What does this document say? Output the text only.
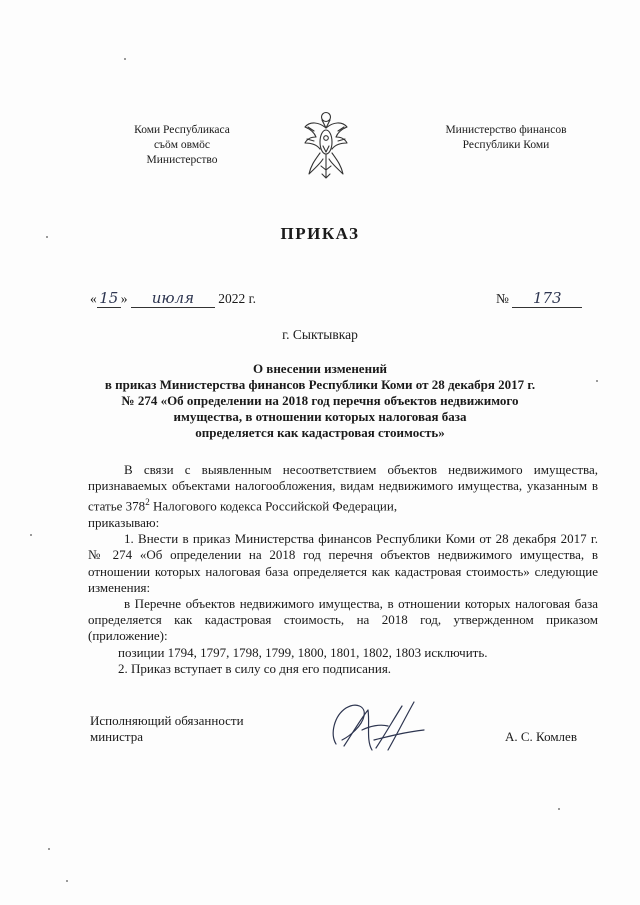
Коми Республикаса
съӧм овмӧс
Министерство
Министерство финансов
Республики Коми
ПРИКАЗ
« 15 » июля 2022 г.	№ 173
г. Сыктывкар
О внесении изменений
в приказ Министерства финансов Республики Коми от 28 декабря 2017 г.
№ 274 «Об определении на 2018 год перечня объектов недвижимого
имущества, в отношении которых налоговая база
определяется как кадастровая стоимость»

В связи с выявленным несоответствием объектов недвижимого имущества, признаваемых объектами налогообложения, видам недвижимого имущества, указанным в статье $378^2$ Налогового кодекса Российской Федерации,

приказываю:

1. Внести в приказ Министерства финансов Республики Коми от 28 декабря 2017 г. № 274 «Об определении на 2018 год перечня объектов недвижимого имущества, в отношении которых налоговая база определяется как кадастровая стоимость» следующие изменения:

в Перечне объектов недвижимого имущества, в отношении которых налоговая база определяется как кадастровая стоимость, на 2018 год, утвержденном приказом (приложение):

позиции 1794, 1797, 1798, 1799, 1800, 1801, 1802, 1803 исключить.

2. Приказ вступает в силу со дня его подписания.

Исполняющий обязанности
министра	А. С. Комлев
